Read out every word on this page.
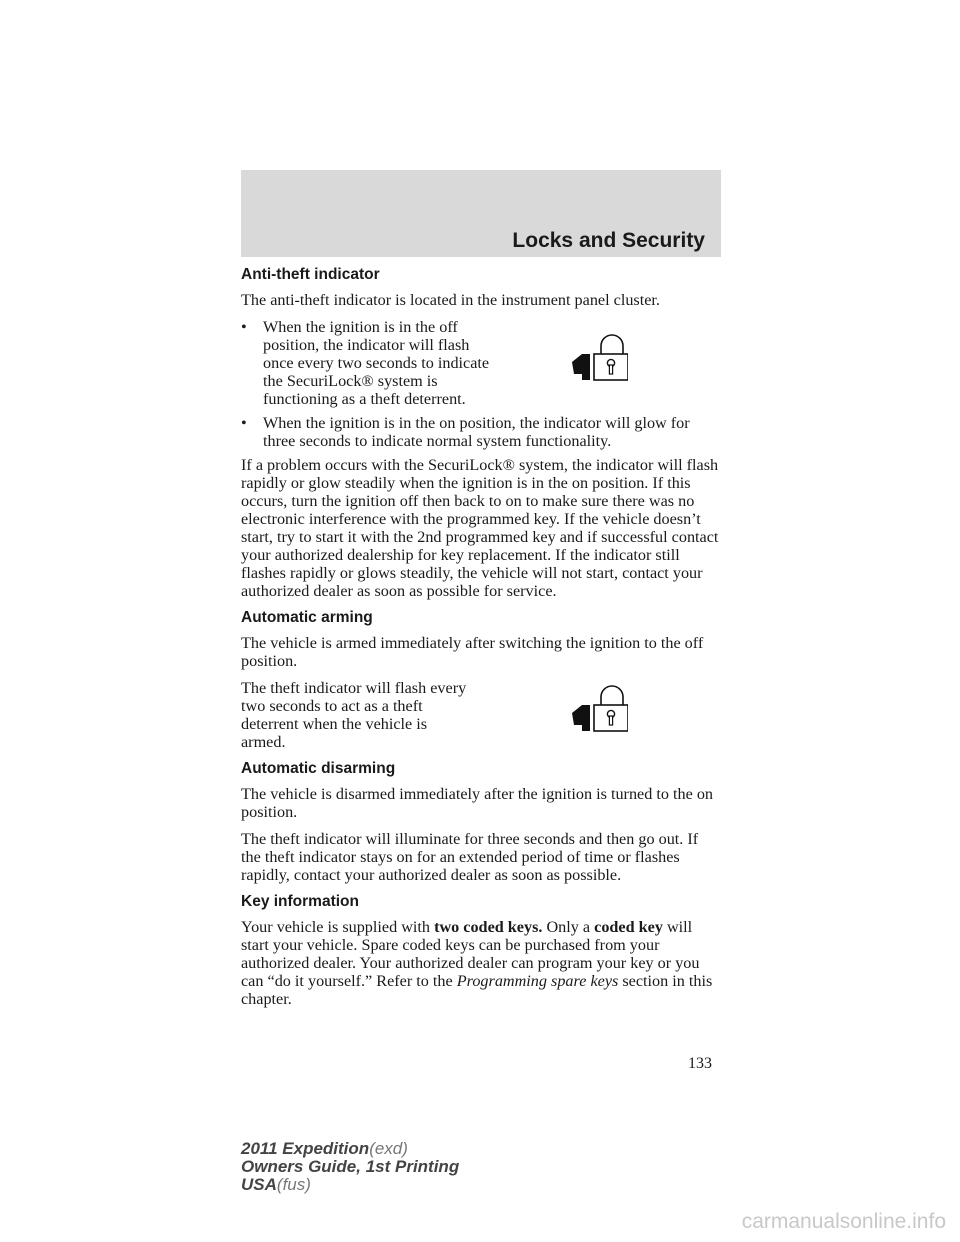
Locks and Security
Anti-theft indicator

The anti-theft indicator is located in the instrument panel cluster.

• When the ignition is in the off position, the indicator will flash once every two seconds to indicate the SecuriLock® system is functioning as a theft deterrent.
• When the ignition is in the on position, the indicator will glow for three seconds to indicate normal system functionality.

If a problem occurs with the SecuriLock® system, the indicator will flash rapidly or glow steadily when the ignition is in the on position. If this occurs, turn the ignition off then back to on to make sure there was no electronic interference with the programmed key. If the vehicle doesn’t start, try to start it with the 2nd programmed key and if successful contact your authorized dealership for key replacement. If the indicator still flashes rapidly or glows steadily, the vehicle will not start, contact your authorized dealer as soon as possible for service.

Automatic arming

The vehicle is armed immediately after switching the ignition to the off position.

The theft indicator will flash every two seconds to act as a theft deterrent when the vehicle is armed.

Automatic disarming

The vehicle is disarmed immediately after the ignition is turned to the on position.

The theft indicator will illuminate for three seconds and then go out. If the theft indicator stays on for an extended period of time or flashes rapidly, contact your authorized dealer as soon as possible.

Key information

Your vehicle is supplied with two coded keys. Only a coded key will start your vehicle. Spare coded keys can be purchased from your authorized dealer. Your authorized dealer can program your key or you can “do it yourself.” Refer to the Programming spare keys section in this chapter.

133
2011 Expedition(exd)
Owners Guide, 1st Printing
USA(fus)
carmanualsonline.info
